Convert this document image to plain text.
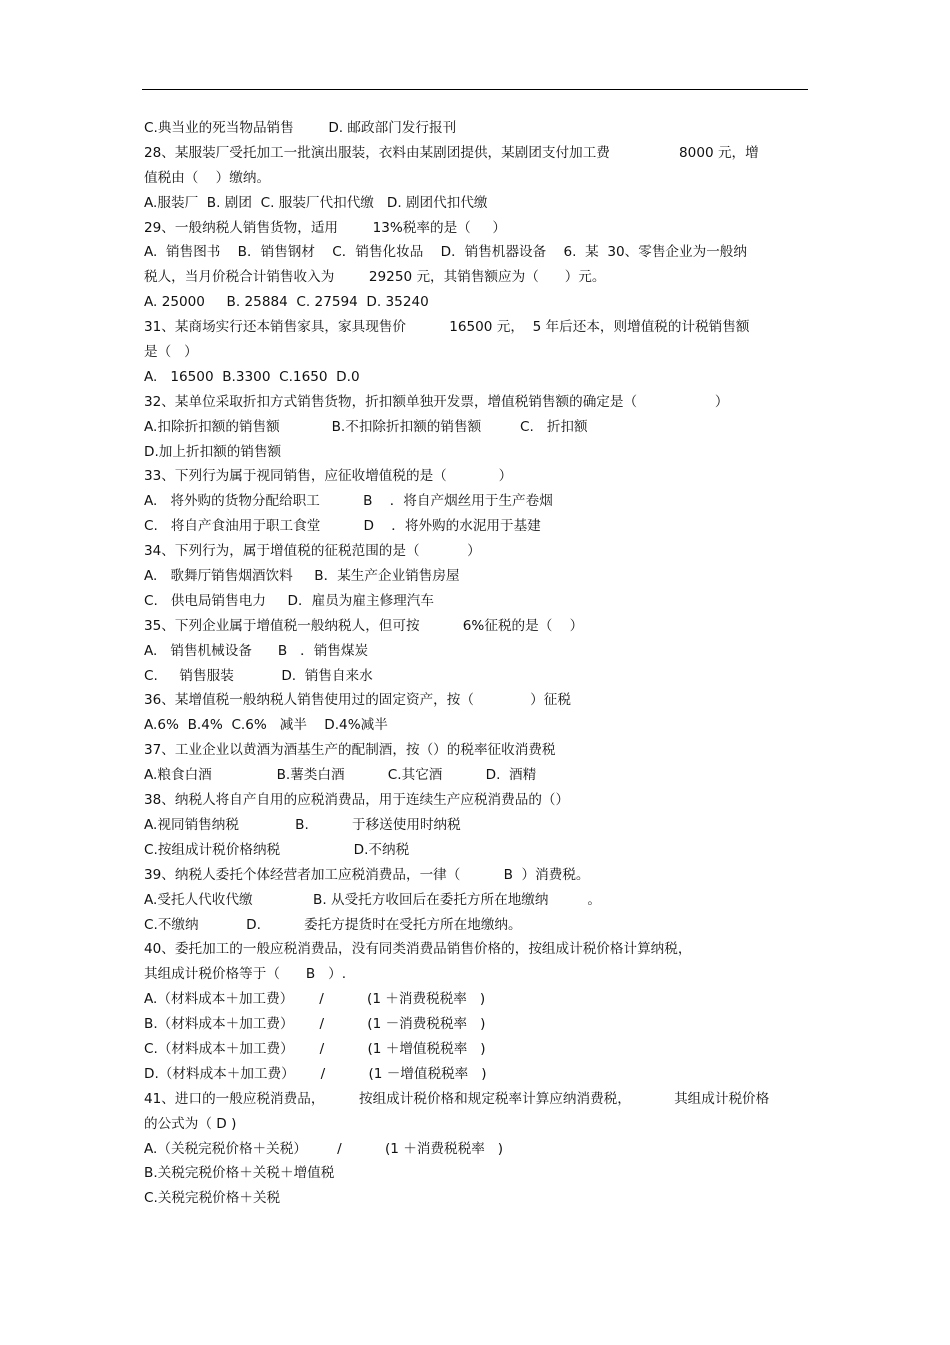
C.典当业的死当物品销售        D. 邮政部门发行报刊
28、某服装厂受托加工一批演出服装，衣料由某剧团提供，某剧团支付加工费                8000 元，增
值税由（    ）缴纳。
A.服装厂  B. 剧团  C. 服装厂代扣代缴   D. 剧团代扣代缴
29、一般纳税人销售货物，适用        13%税率的是（     ）
A.  销售图书    B．销售钢材    C．销售化妆品    D．销售机器设备    6.  某  30、零售企业为一般纳
税人，当月价税合计销售收入为        29250 元，其销售额应为（      ）元。
A. 25000     B. 25884  C. 27594  D. 35240
31、某商场实行还本销售家具，家具现售价          16500 元，  5 年后还本，则增值税的计税销售额
是（   ）
A.   16500  B.3300  C.1650  D.0
32、某单位采取折扣方式销售货物，折扣额单独开发票，增值税销售额的确定是（                  ）
A.扣除折扣额的销售额            B.不扣除折扣额的销售额         C.   折扣额
D.加上折扣额的销售额
33、下列行为属于视同销售，应征收增值税的是（            ）
A.   将外购的货物分配给职工          B    ．将自产烟丝用于生产卷烟
C.   将自产食油用于职工食堂          D    ．将外购的水泥用于基建
34、下列行为，属于增值税的征税范围的是（           ）
A.   歌舞厅销售烟酒饮料     B．某生产企业销售房屋
C.   供电局销售电力     D．雇员为雇主修理汽车
35、下列企业属于增值税一般纳税人，但可按          6%征税的是（    ）
A.   销售机械设备      B   ．销售煤炭
C.     销售服装           D.  销售自来水
36、某增值税一般纳税人销售使用过的固定资产，按（             ）征税
A.6%  B.4%  C.6%   减半    D.4%减半
37、工业企业以黄酒为酒基生产的配制酒，按（）的税率征收消费税
A.粮食白酒               B.薯类白酒          C.其它酒          D.  酒精
38、纳税人将自产自用的应税消费品，用于连续生产应税消费品的（）
A.视同销售纳税             B.          于移送使用时纳税
C.按组成计税价格纳税                 D.不纳税
39、纳税人委托个体经营者加工应税消费品，一律（          B  ）消费税。
A.受托人代收代缴              B. 从受托方收回后在委托方所在地缴纳         。
C.不缴纳           D.          委托方提货时在受托方所在地缴纳。
40、委托加工的一般应税消费品，没有同类消费品销售价格的，按组成计税价格计算纳税，
其组成计税价格等于（      B   ）.
A.（材料成本＋加工费）      /          (1 ＋消费税税率   )
B.（材料成本＋加工费）      /          (1 －消费税税率   )
C.（材料成本＋加工费）      /          (1 ＋增值税税率   )
D.（材料成本＋加工费）      /          (1 －增值税税率   )
41、进口的一般应税消费品，        按组成计税价格和规定税率计算应纳消费税，          其组成计税价格
的公式为（ D )
A.（关税完税价格＋关税）       /          (1 ＋消费税税率   )
B.关税完税价格＋关税＋增值税
C.关税完税价格＋关税
